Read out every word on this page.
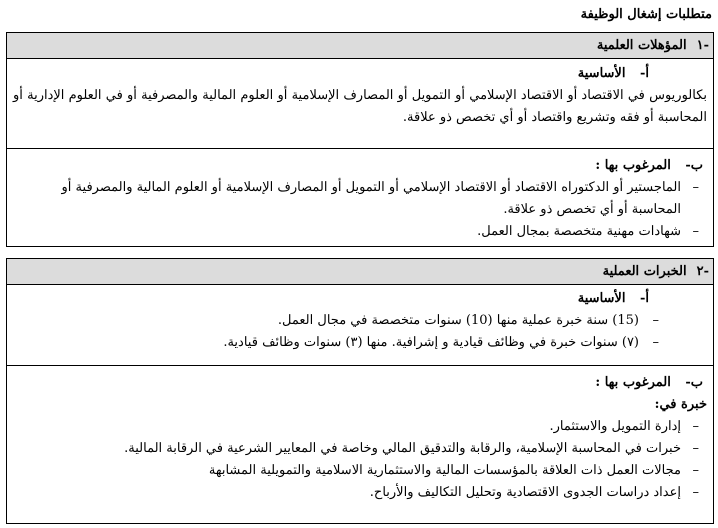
متطلبات إشغال الوظيفة
-١
المؤهلات العلمية
أ- الأساسية
بكالوريوس في الاقتصاد أو الاقتصاد الإسلامي أو التمويل أو المصارف الإسلامية أو العلوم المالية والمصرفية أو في العلوم الإدارية أو المحاسبة أو فقه وتشريع واقتصاد أو أي تخصص ذو علاقة.
ب- المرغوب بها :
–
الماجستير أو الدكتوراه الاقتصاد أو الاقتصاد الإسلامي أو التمويل أو المصارف الإسلامية أو العلوم المالية والمصرفية أو المحاسبة أو أي تخصص ذو علاقة.
–
شهادات مهنية متخصصة بمجال العمل.
-٢
الخبرات العملية
أ- الأساسية
–
(15) سنة خبرة عملية منها (10) سنوات متخصصة في مجال العمل.
–
(٧) سنوات خبرة في وظائف قيادية و إشرافية. منها (٣) سنوات وظائف قيادية.
ب- المرغوب بها :
خبرة في:
–
إدارة التمويل والاستثمار.
–
خبرات في المحاسبة الإسلامية، والرقابة والتدقيق المالي وخاصة في المعايير الشرعية في الرقابة المالية.
–
مجالات العمل ذات العلاقة بالمؤسسات المالية والاستثمارية الاسلامية والتمويلية المشابهة
–
إعداد دراسات الجدوى الاقتصادية وتحليل التكاليف والأرباح.
